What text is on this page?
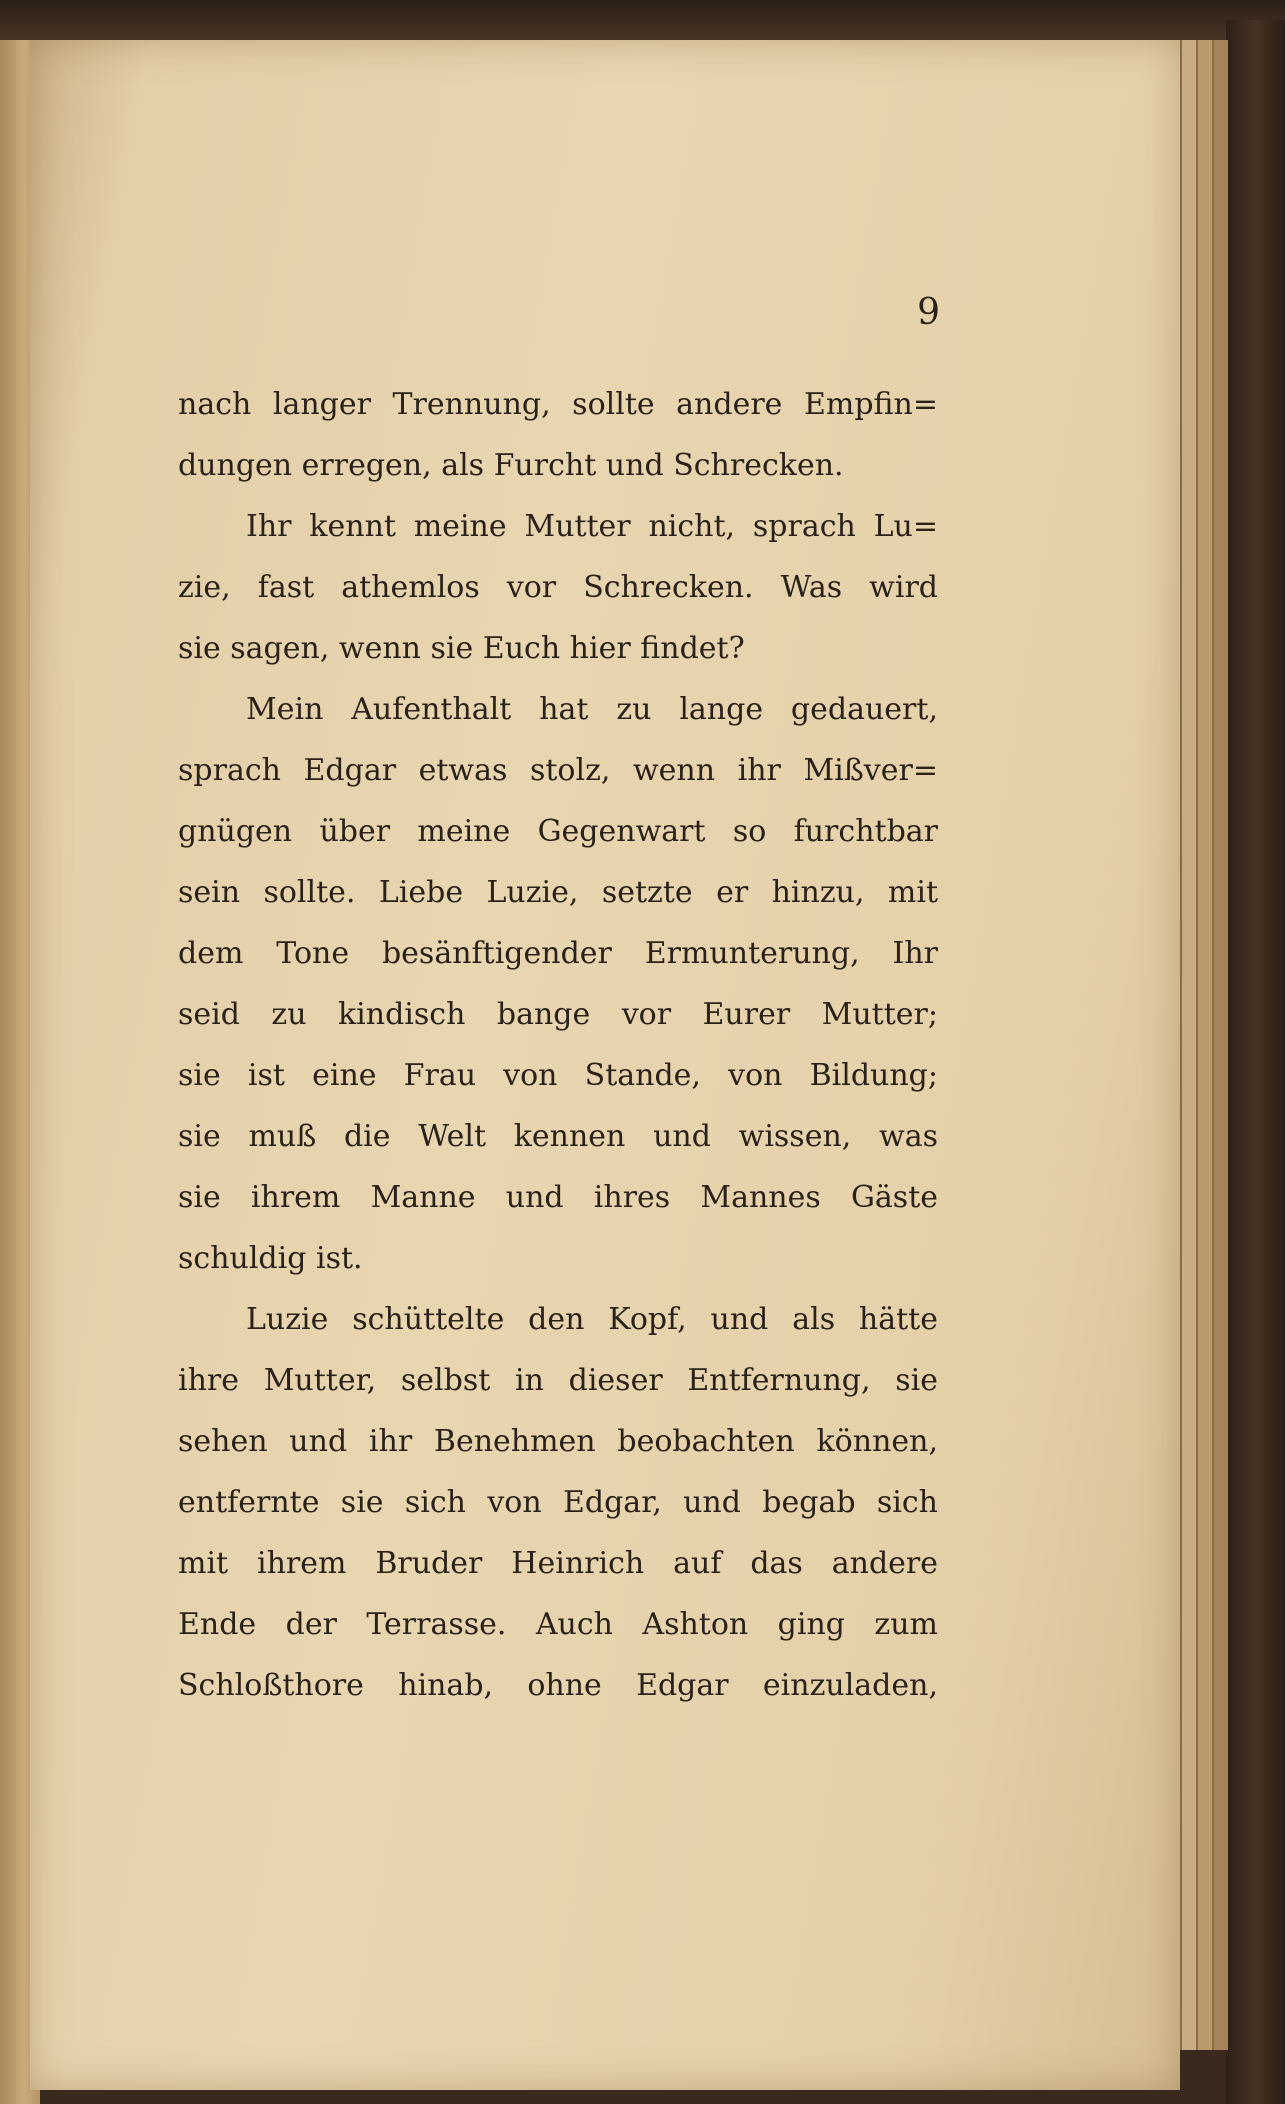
9
nach langer Trennung, sollte andere Empfin=
dungen erregen, als Furcht und Schrecken.
Ihr kennt meine Mutter nicht, sprach Lu=
zie, fast athemlos vor Schrecken. Was wird
sie sagen, wenn sie Euch hier findet?
Mein Aufenthalt hat zu lange gedauert,
sprach Edgar etwas stolz, wenn ihr Mißver=
gnügen über meine Gegenwart so furchtbar
sein sollte. Liebe Luzie, setzte er hinzu, mit
dem Tone besänftigender Ermunterung, Ihr
seid zu kindisch bange vor Eurer Mutter;
sie ist eine Frau von Stande, von Bildung;
sie muß die Welt kennen und wissen, was
sie ihrem Manne und ihres Mannes Gäste
schuldig ist.
Luzie schüttelte den Kopf, und als hätte
ihre Mutter, selbst in dieser Entfernung, sie
sehen und ihr Benehmen beobachten können,
entfernte sie sich von Edgar, und begab sich
mit ihrem Bruder Heinrich auf das andere
Ende der Terrasse. Auch Ashton ging zum
Schloßthore hinab, ohne Edgar einzuladen,
